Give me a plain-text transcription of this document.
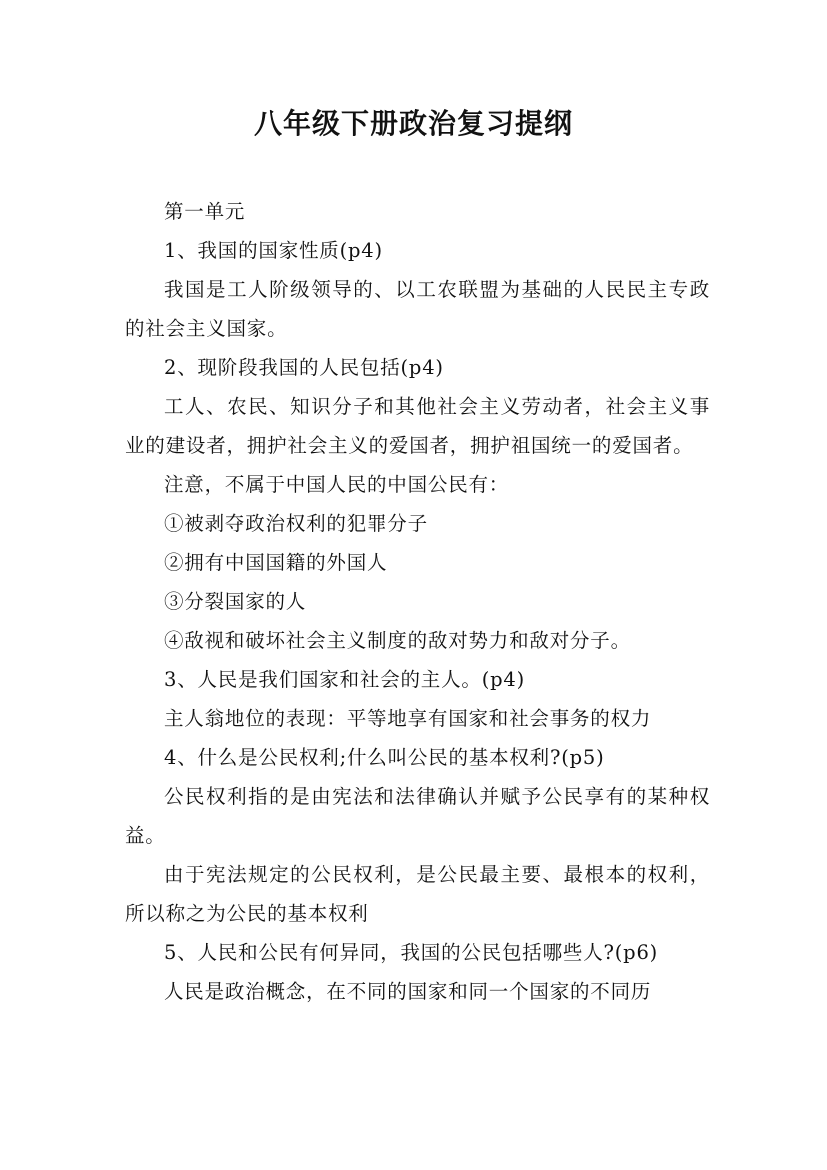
八年级下册政治复习提纲

第一单元

1、我国的国家性质(p4)

我国是工人阶级领导的、以工农联盟为基础的人民民主专政的社会主义国家。

2、现阶段我国的人民包括(p4)

工人、农民、知识分子和其他社会主义劳动者，社会主义事业的建设者，拥护社会主义的爱国者，拥护祖国统一的爱国者。

注意，不属于中国人民的中国公民有：

①被剥夺政治权利的犯罪分子

②拥有中国国籍的外国人

③分裂国家的人

④敌视和破坏社会主义制度的敌对势力和敌对分子。

3、人民是我们国家和社会的主人。(p4)

主人翁地位的表现：平等地享有国家和社会事务的权力

4、什么是公民权利;什么叫公民的基本权利?(p5)

公民权利指的是由宪法和法律确认并赋予公民享有的某种权益。

由于宪法规定的公民权利，是公民最主要、最根本的权利，所以称之为公民的基本权利

5、人民和公民有何异同，我国的公民包括哪些人?(p6)

人民是政治概念，在不同的国家和同一个国家的不同历
